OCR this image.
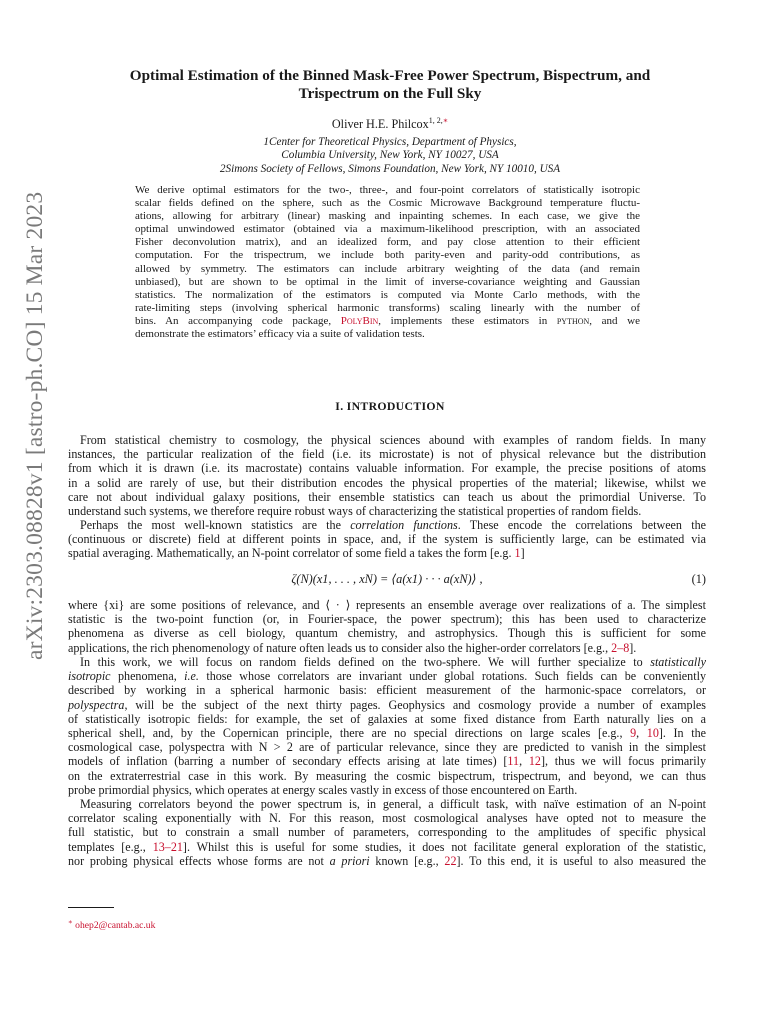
arXiv:2303.08828v1 [astro-ph.CO] 15 Mar 2023
Optimal Estimation of the Binned Mask-Free Power Spectrum, Bispectrum, and
Trispectrum on the Full Sky
Oliver H.E. Philcox$^{1, 2,∗}$
1Center for Theoretical Physics, Department of Physics,
Columbia University, New York, NY 10027, USA
2Simons Society of Fellows, Simons Foundation, New York, NY 10010, USA
We derive optimal estimators for the two-, three-, and four-point correlators of statistically isotropic
scalar fields defined on the sphere, such as the Cosmic Microwave Background temperature fluctu-
ations, allowing for arbitrary (linear) masking and inpainting schemes. In each case, we give the
optimal unwindowed estimator (obtained via a maximum-likelihood prescription, with an associated
Fisher deconvolution matrix), and an idealized form, and pay close attention to their efficient
computation. For the trispectrum, we include both parity-even and parity-odd contributions, as
allowed by symmetry. The estimators can include arbitrary weighting of the data (and remain
unbiased), but are shown to be optimal in the limit of inverse-covariance weighting and Gaussian
statistics. The normalization of the estimators is computed via Monte Carlo methods, with the
rate-limiting steps (involving spherical harmonic transforms) scaling linearly with the number of
bins. An accompanying code package, PolyBin, implements these estimators in python, and we
demonstrate the estimators’ efficacy via a suite of validation tests.
I. INTRODUCTION
From statistical chemistry to cosmology, the physical sciences abound with examples of random fields. In many
instances, the particular realization of the field (i.e. its microstate) is not of physical relevance but the distribution
from which it is drawn (i.e. its macrostate) contains valuable information. For example, the precise positions of atoms
in a solid are rarely of use, but their distribution encodes the physical properties of the material; likewise, whilst we
care not about individual galaxy positions, their ensemble statistics can teach us about the primordial Universe. To
understand such systems, we therefore require robust ways of characterizing the statistical properties of random fields.
Perhaps the most well-known statistics are the correlation functions. These encode the correlations between the
(continuous or discrete) field at different points in space, and, if the system is sufficiently large, can be estimated via
spatial averaging. Mathematically, an N-point correlator of some field a takes the form [e.g. 1]
ζ(N)(x1, . . . , xN) = ⟨a(x1) · · · a(xN)⟩ ,	(1)
where {xi} are some positions of relevance, and ⟨ · ⟩ represents an ensemble average over realizations of a. The simplest
statistic is the two-point function (or, in Fourier-space, the power spectrum); this has been used to characterize
phenomena as diverse as cell biology, quantum chemistry, and astrophysics. Though this is sufficient for some
applications, the rich phenomenology of nature often leads us to consider also the higher-order correlators [e.g., 2–8].
In this work, we will focus on random fields defined on the two-sphere. We will further specialize to statistically
isotropic phenomena, i.e. those whose correlators are invariant under global rotations. Such fields can be conveniently
described by working in a spherical harmonic basis: efficient measurement of the harmonic-space correlators, or
polyspectra, will be the subject of the next thirty pages. Geophysics and cosmology provide a number of examples
of statistically isotropic fields: for example, the set of galaxies at some fixed distance from Earth naturally lies on a
spherical shell, and, by the Copernican principle, there are no special directions on large scales [e.g., 9, 10]. In the
cosmological case, polyspectra with N > 2 are of particular relevance, since they are predicted to vanish in the simplest
models of inflation (barring a number of secondary effects arising at late times) [11, 12], thus we will focus primarily
on the extraterrestrial case in this work. By measuring the cosmic bispectrum, trispectrum, and beyond, we can thus
probe primordial physics, which operates at energy scales vastly in excess of those encountered on Earth.
Measuring correlators beyond the power spectrum is, in general, a difficult task, with naïve estimation of an N-point
correlator scaling exponentially with N. For this reason, most cosmological analyses have opted not to measure the
full statistic, but to constrain a small number of parameters, corresponding to the amplitudes of specific physical
templates [e.g., 13–21]. Whilst this is useful for some studies, it does not facilitate general exploration of the statistic,
nor probing physical effects whose forms are not a priori known [e.g., 22]. To this end, it is useful to also measured the
∗ ohep2@cantab.ac.uk
